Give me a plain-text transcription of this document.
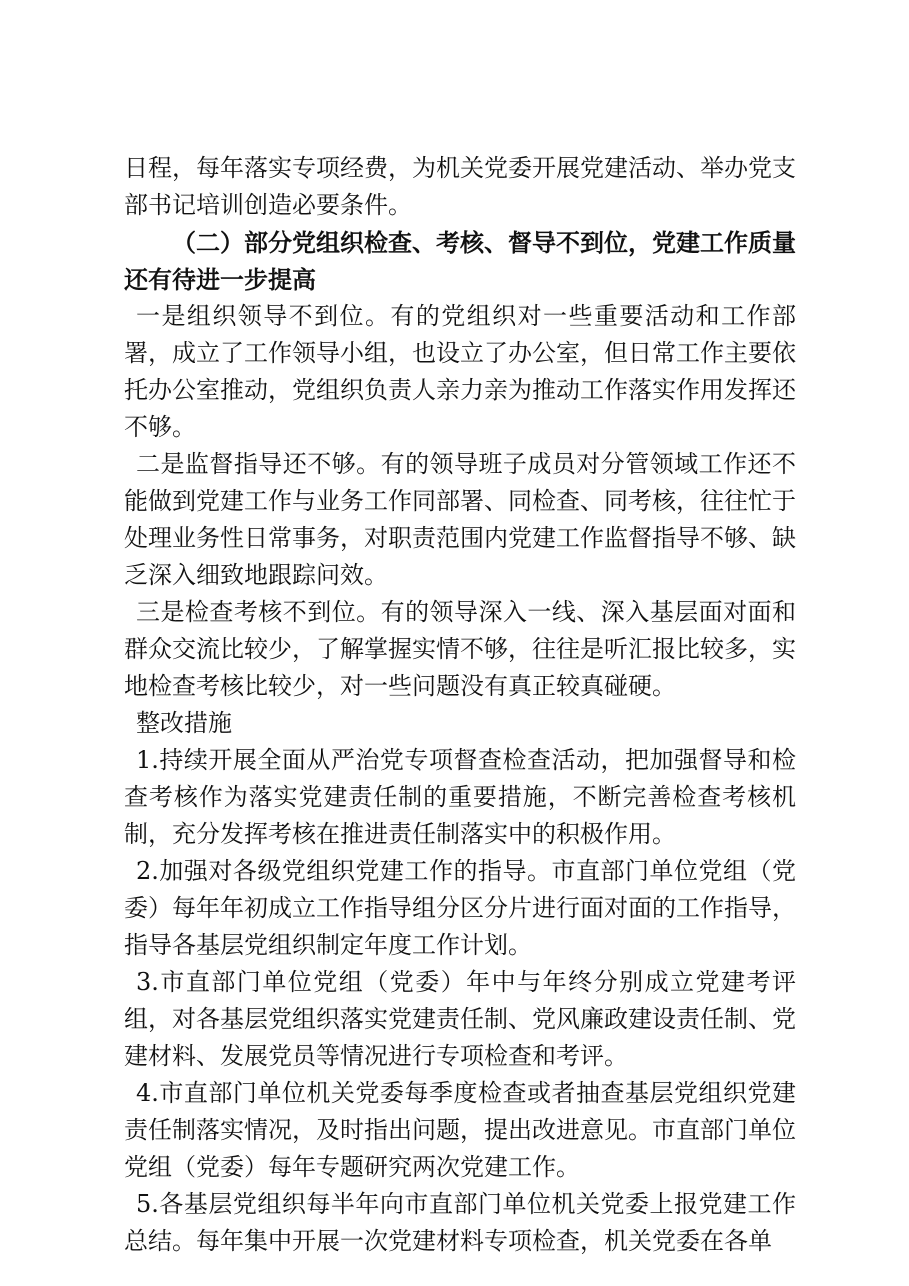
日程，每年落实专项经费，为机关党委开展党建活动、举办党支部书记培训创造必要条件。

（二）部分党组织检查、考核、督导不到位，党建工作质量还有待进一步提高

一是组织领导不到位。有的党组织对一些重要活动和工作部署，成立了工作领导小组，也设立了办公室，但日常工作主要依托办公室推动，党组织负责人亲力亲为推动工作落实作用发挥还不够。

二是监督指导还不够。有的领导班子成员对分管领域工作还不能做到党建工作与业务工作同部署、同检查、同考核，往往忙于处理业务性日常事务，对职责范围内党建工作监督指导不够、缺乏深入细致地跟踪问效。

三是检查考核不到位。有的领导深入一线、深入基层面对面和群众交流比较少，了解掌握实情不够，往往是听汇报比较多，实地检查考核比较少，对一些问题没有真正较真碰硬。

整改措施

1.持续开展全面从严治党专项督查检查活动，把加强督导和检查考核作为落实党建责任制的重要措施，不断完善检查考核机制，充分发挥考核在推进责任制落实中的积极作用。

2.加强对各级党组织党建工作的指导。市直部门单位党组（党委）每年年初成立工作指导组分区分片进行面对面的工作指导，指导各基层党组织制定年度工作计划。

3.市直部门单位党组（党委）年中与年终分别成立党建考评组，对各基层党组织落实党建责任制、党风廉政建设责任制、党建材料、发展党员等情况进行专项检查和考评。

4.市直部门单位机关党委每季度检查或者抽查基层党组织党建责任制落实情况，及时指出问题，提出改进意见。市直部门单位党组（党委）每年专题研究两次党建工作。

5.各基层党组织每半年向市直部门单位机关党委上报党建工作总结。每年集中开展一次党建材料专项检查，机关党委在各单
